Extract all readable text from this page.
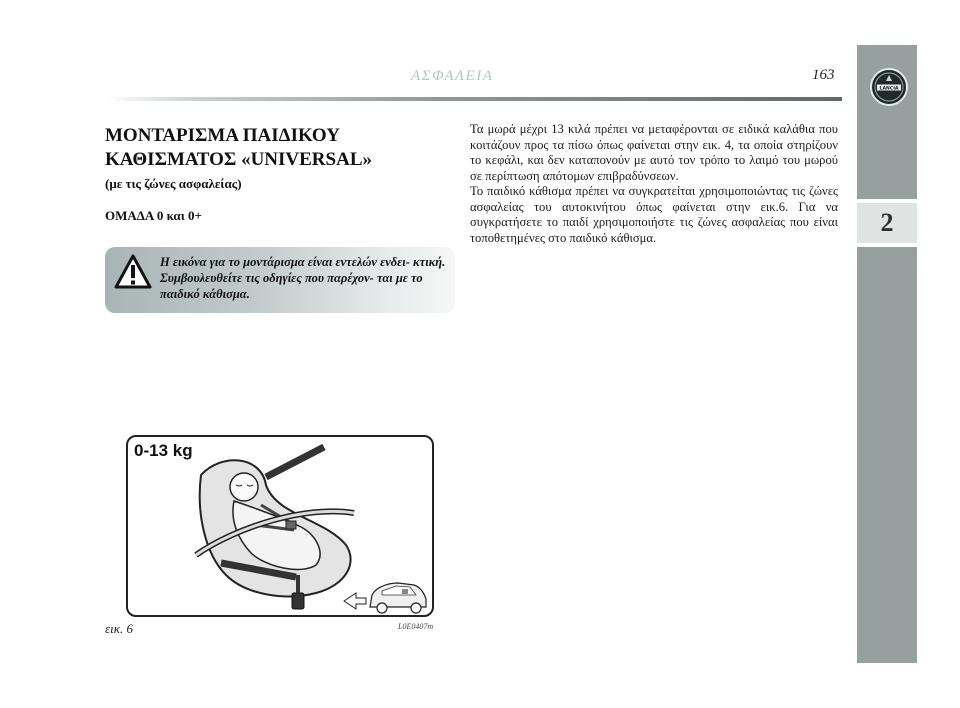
ΑΣΦΑΛΕΙΑ	163
LANCIA
2
ΜΟΝΤΑΡΙΣΜΑ ΠΑΙΔΙΚΟΥ ΚΑΘΙΣΜΑΤΟΣ «UNIVERSAL»
(με τις ζώνες ασφαλείας)
ΟΜΑΔΑ 0 και 0+
Η εικόνα για το μοντάρισμα είναι εντελών ενδει- κτική. Συμβουλευθείτε τις οδηγίες που παρέχον- ται με το παιδικό κάθισμα.
0-13 kg
εικ. 6	L0E0407m

Τα μωρά μέχρι 13 κιλά πρέπει να μεταφέρονται σε ειδικά καλάθια που κοιτάζουν προς τα πίσω όπως φαίνεται στην εικ. 4, τα οποία στηρίζουν το κεφάλι, και δεν καταπονούν με αυτό τον τρόπο το λαιμό του μωρού σε περίπτωση απότομων επιβραδύνσεων.

Το παιδικό κάθισμα πρέπει να συγκρατείται χρησιμοποιώντας τις ζώνες ασφαλείας του αυτοκινήτου όπως φαίνεται στην εικ.6. Για να συγκρατήσετε το παιδί χρησιμοποιήστε τις ζώνες ασφαλείας που είναι τοποθετημένες στο παιδικό κάθισμα.
